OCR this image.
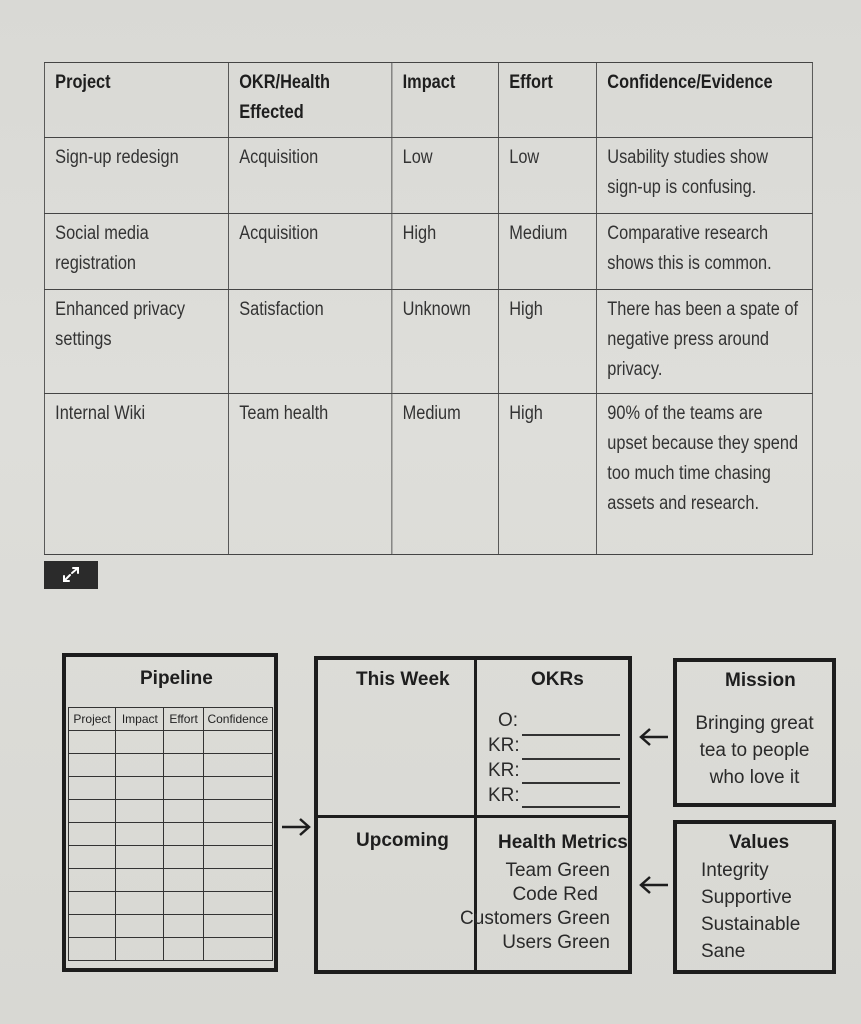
Project	OKR/Health Effected	Impact	Effort	Confidence/Evidence
Sign-up redesign	Acquisition	Low	Low	Usability studies show sign-up is confusing.
Social media registration	Acquisition	High	Medium	Comparative research shows this is common.
Enhanced privacy settings	Satisfaction	Unknown	High	There has been a spate of negative press around privacy.
Internal Wiki	Team health	Medium	High	90% of the teams are upset because they spend too much time chasing assets and research.
Pipeline
Project	Impact	Effort	Confidence

This Week	OKRs
O:
KR:
KR:
KR:
Upcoming	Health Metrics
Team Green
Code Red
Customers Green
Users Green
Mission
Bringing great
tea to people
who love it
Values
Integrity
Supportive
Sustainable
Sane
